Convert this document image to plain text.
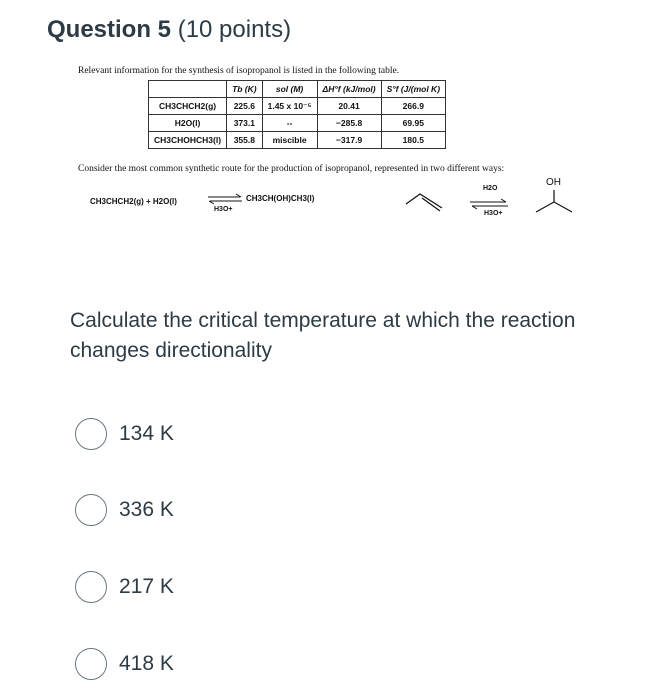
Question 5 (10 points)
Relevant information for the synthesis of isopropanol is listed in the following table.
	Tb (K)	sol (M)	ΔH°f (kJ/mol)	S°f (J/(mol K)
CH3CHCH2(g)	225.6	1.45 x 10⁻⁵	20.41	266.9
H2O(l)	373.1	--	−285.8	69.95
CH3CHOHCH3(l)	355.8	miscible	−317.9	180.5
Consider the most common synthetic route for the production of isopropanol, represented in two different ways:
CH3CHCH2(g) + H2O(l)
H3O+
CH3CH(OH)CH3(l)
H2O
H3O+
OH
Calculate the critical temperature at which the reaction changes directionality
134 K
336 K
217 K
418 K
